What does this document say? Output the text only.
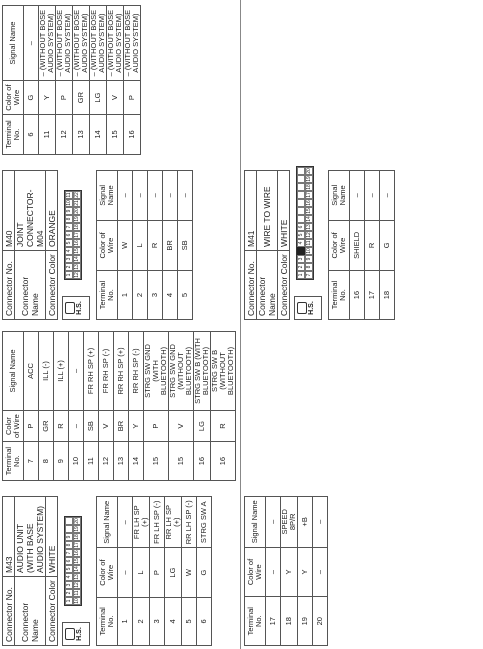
Connector No.	M40
Connector Name	JOINT CONNECTOR-M04
Connector Color	ORANGE
H.S.
1
2
3
4
5
6
7
8
9
10
11
12
13
14
15
16
17
18
19
20
21
22
Terminal No.	Color of Wire	Signal Name
1	W	–
2	L	–
3	R	–
4	BR	–
5	SB	–
Terminal No.	Color of Wire	Signal Name
6	G	–
11	Y	– (WITHOUT BOSE AUDIO SYSTEM)
12	P	– (WITHOUT BOSE AUDIO SYSTEM)
13	GR	– (WITHOUT BOSE AUDIO SYSTEM)
14	LG	– (WITHOUT BOSE AUDIO SYSTEM)
15	V	– (WITHOUT BOSE AUDIO SYSTEM)
16	P	– (WITHOUT BOSE AUDIO SYSTEM)
Connector No.	M41
Connector Name	WIRE TO WIRE
Connector Color	WHITE
H.S.
1
2
3
4
5
6
7
8
9
10
11
12
13
14
15
16
17
18
19
20
Terminal No.	Color of Wire	Signal Name
16	SHIELD	–
17	R	–
18	G	–
Connector No.	M43
Connector Name	AUDIO UNIT (WITH BASE AUDIO SYSTEM)
Connector Color	WHITE
H.S.
1
2
3
4
5
6
7
8
9
10
11
12
13
14
15
16
17
18
19
20
Terminal No.	Color of Wire	Signal Name
1	–	–
2	L	FR LH SP (+)
3	P	FR LH SP (-)
4	LG	RR LH SP (+)
5	W	RR LH SP (-)
6	G	STRG SW A
Terminal No.	Color of Wire	Signal Name
7	P	ACC
8	GR	ILL (-)
9	R	ILL (+)
10	–	–
11	SB	FR RH SP (+)
12	V	FR RH SP (-)
13	BR	RR RH SP (+)
14	Y	RR RH SP (-)
15	P	STRG SW GND (WITH BLUETOOTH)
15	V	STRG SW GND (WITHOUT BLUETOOTH)
16	LG	STRG SW B (WITH BLUETOOTH)
16	R	STRG SW B (WITHOUT BLUETOOTH)
Terminal No.	Color of Wire	Signal Name
17	–	–
18	Y	SPEED 8P/R
19	Y	+B
20	–	–
